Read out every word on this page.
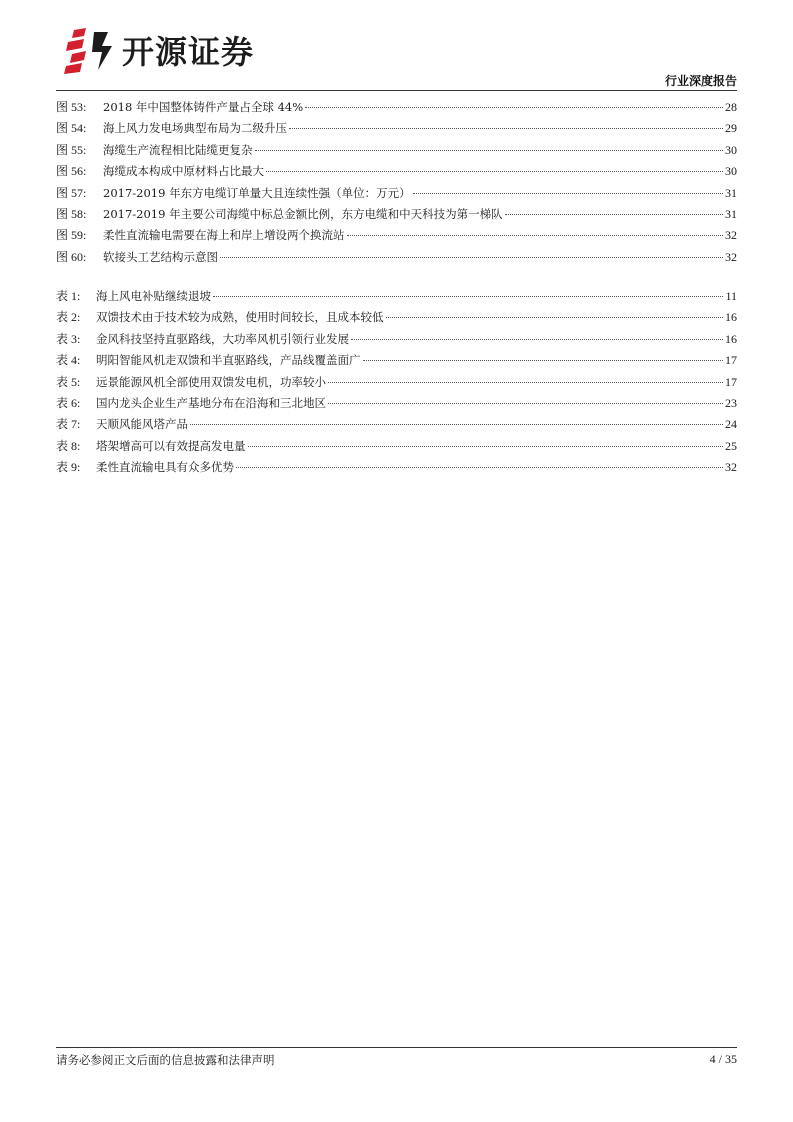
开源证券
行业深度报告
图 53:	2018 年中国整体铸件产量占全球 44%	28
图 54:	海上风力发电场典型布局为二级升压	29
图 55:	海缆生产流程相比陆缆更复杂	30
图 56:	海缆成本构成中原材料占比最大	30
图 57:	2017-2019 年东方电缆订单量大且连续性强（单位：万元）	31
图 58:	2017-2019 年主要公司海缆中标总金额比例，东方电缆和中天科技为第一梯队	31
图 59:	柔性直流输电需要在海上和岸上增设两个换流站	32
图 60:	软接头工艺结构示意图	32
表 1:	海上风电补贴继续退坡	11
表 2:	双馈技术由于技术较为成熟，使用时间较长，且成本较低	16
表 3:	金风科技坚持直驱路线，大功率风机引领行业发展	16
表 4:	明阳智能风机走双馈和半直驱路线，产品线覆盖面广	17
表 5:	远景能源风机全部使用双馈发电机，功率较小	17
表 6:	国内龙头企业生产基地分布在沿海和三北地区	23
表 7:	天顺风能风塔产品	24
表 8:	塔架增高可以有效提高发电量	25
表 9:	柔性直流输电具有众多优势	32
请务必参阅正文后面的信息披露和法律声明	4 / 35
